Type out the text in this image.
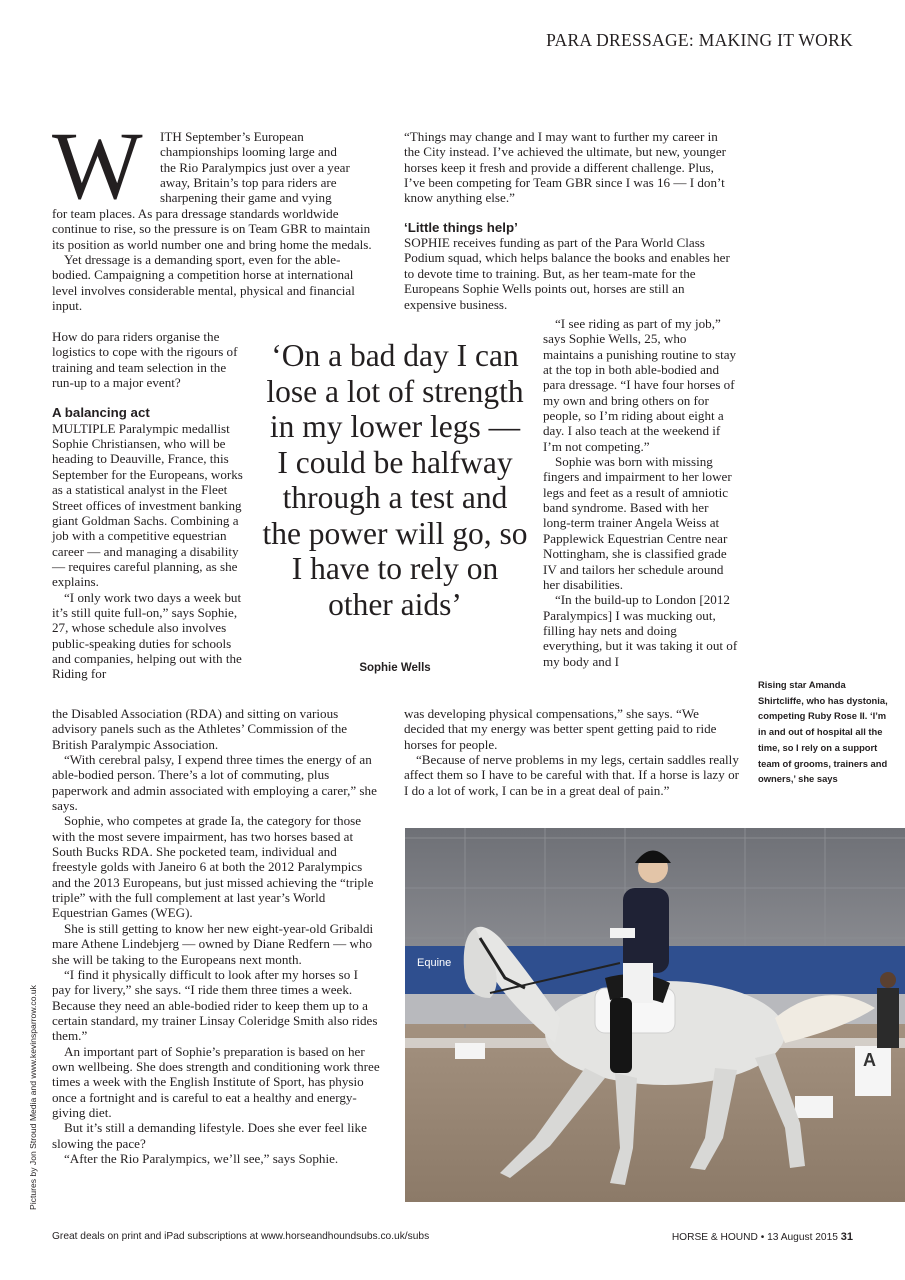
PARA DRESSAGE: MAKING IT WORK
W ITH September’s European
championships looming large and
the Rio Paralympics just over a year
away, Britain’s top para riders are
sharpening their game and vying

for team places. As para dressage standards worldwide continue to rise, so the pressure is on Team GBR to maintain its position as world number one and bring home the medals.

Yet dressage is a demanding sport, even for the able-bodied. Campaigning a competition horse at international level involves considerable mental, physical and financial input.

How do para riders organise the logistics to cope with the rigours of training and team selection in the run-up to a major event?

A balancing act

MULTIPLE Paralympic medallist Sophie Christiansen, who will be heading to Deauville, France, this September for the Europeans, works as a statistical analyst in the Fleet Street offices of investment banking giant Goldman Sachs. Combining a job with a competitive equestrian career — and managing a disability — requires careful planning, as she explains.

“I only work two days a week but it’s still quite full-on,” says Sophie, 27, whose schedule also involves public-speaking duties for schools and companies, helping out with the Riding for

the Disabled Association (RDA) and sitting on various advisory panels such as the Athletes’ Commission of the British Paralympic Association.

“With cerebral palsy, I expend three times the energy of an able-bodied person. There’s a lot of commuting, plus paperwork and admin associated with employing a carer,” she says.

Sophie, who competes at grade Ia, the category for those with the most severe impairment, has two horses based at South Bucks RDA. She pocketed team, individual and freestyle golds with Janeiro 6 at both the 2012 Paralympics and the 2013 Europeans, but just missed achieving the “triple triple” with the full complement at last year’s World Equestrian Games (WEG).

She is still getting to know her new eight-year-old Gribaldi mare Athene Lindebjerg — owned by Diane Redfern — who she will be taking to the Europeans next month.

“I find it physically difficult to look after my horses so I pay for livery,” she says. “I ride them three times a week. Because they need an able-bodied rider to keep them up to a certain standard, my trainer Linsay Coleridge Smith also rides them.”

An important part of Sophie’s preparation is based on her own wellbeing. She does strength and conditioning work three times a week with the English Institute of Sport, has physio once a fortnight and is careful to eat a healthy and energy-giving diet.

But it’s still a demanding lifestyle. Does she ever feel like slowing the pace?

“After the Rio Paralympics, we’ll see,” says Sophie.

“Things may change and I may want to further my career in the City instead. I’ve achieved the ultimate, but new, younger horses keep it fresh and provide a different challenge. Plus, I’ve been competing for Team GBR since I was 16 — I don’t know anything else.”

‘Little things help’

SOPHIE receives funding as part of the Para World Class Podium squad, which helps balance the books and enables her to devote time to training. But, as her team-mate for the Europeans Sophie Wells points out, horses are still an expensive business.

“I see riding as part of my job,” says Sophie Wells, 25, who maintains a punishing routine to stay at the top in both able-bodied and para dressage. “I have four horses of my own and bring others on for people, so I’m riding about eight a day. I also teach at the weekend if I’m not competing.”

Sophie was born with missing fingers and impairment to her lower legs and feet as a result of amniotic band syndrome. Based with her long-term trainer Angela Weiss at Papplewick Equestrian Centre near Nottingham, she is classified grade IV and tailors her schedule around her disabilities.

“In the build-up to London [2012 Paralympics] I was mucking out, filling hay nets and doing everything, but it was taking it out of my body and I

was developing physical compensations,” she says. “We decided that my energy was better spent getting paid to ride horses for people.

“Because of nerve problems in my legs, certain saddles really affect them so I have to be careful with that. If a horse is lazy or I do a lot of work, I can be in a great deal of pain.”

‘On a bad day I can lose a lot of strength in my lower legs — I could be halfway through a test and the power will go, so I have to rely on other aids’
Sophie Wells
Rising star Amanda Shirtcliffe, who has dystonia, competing Ruby Rose II. ‘I’m in and out of hospital all the time, so I rely on a support team of grooms, trainers and owners,’ she says
Equine
A
Pictures by Jon Stroud Media and www.kevinsparrow.co.uk
Great deals on print and iPad subscriptions at www.horseandhoundsubs.co.uk/subs	HORSE & HOUND • 13 August 2015 31
